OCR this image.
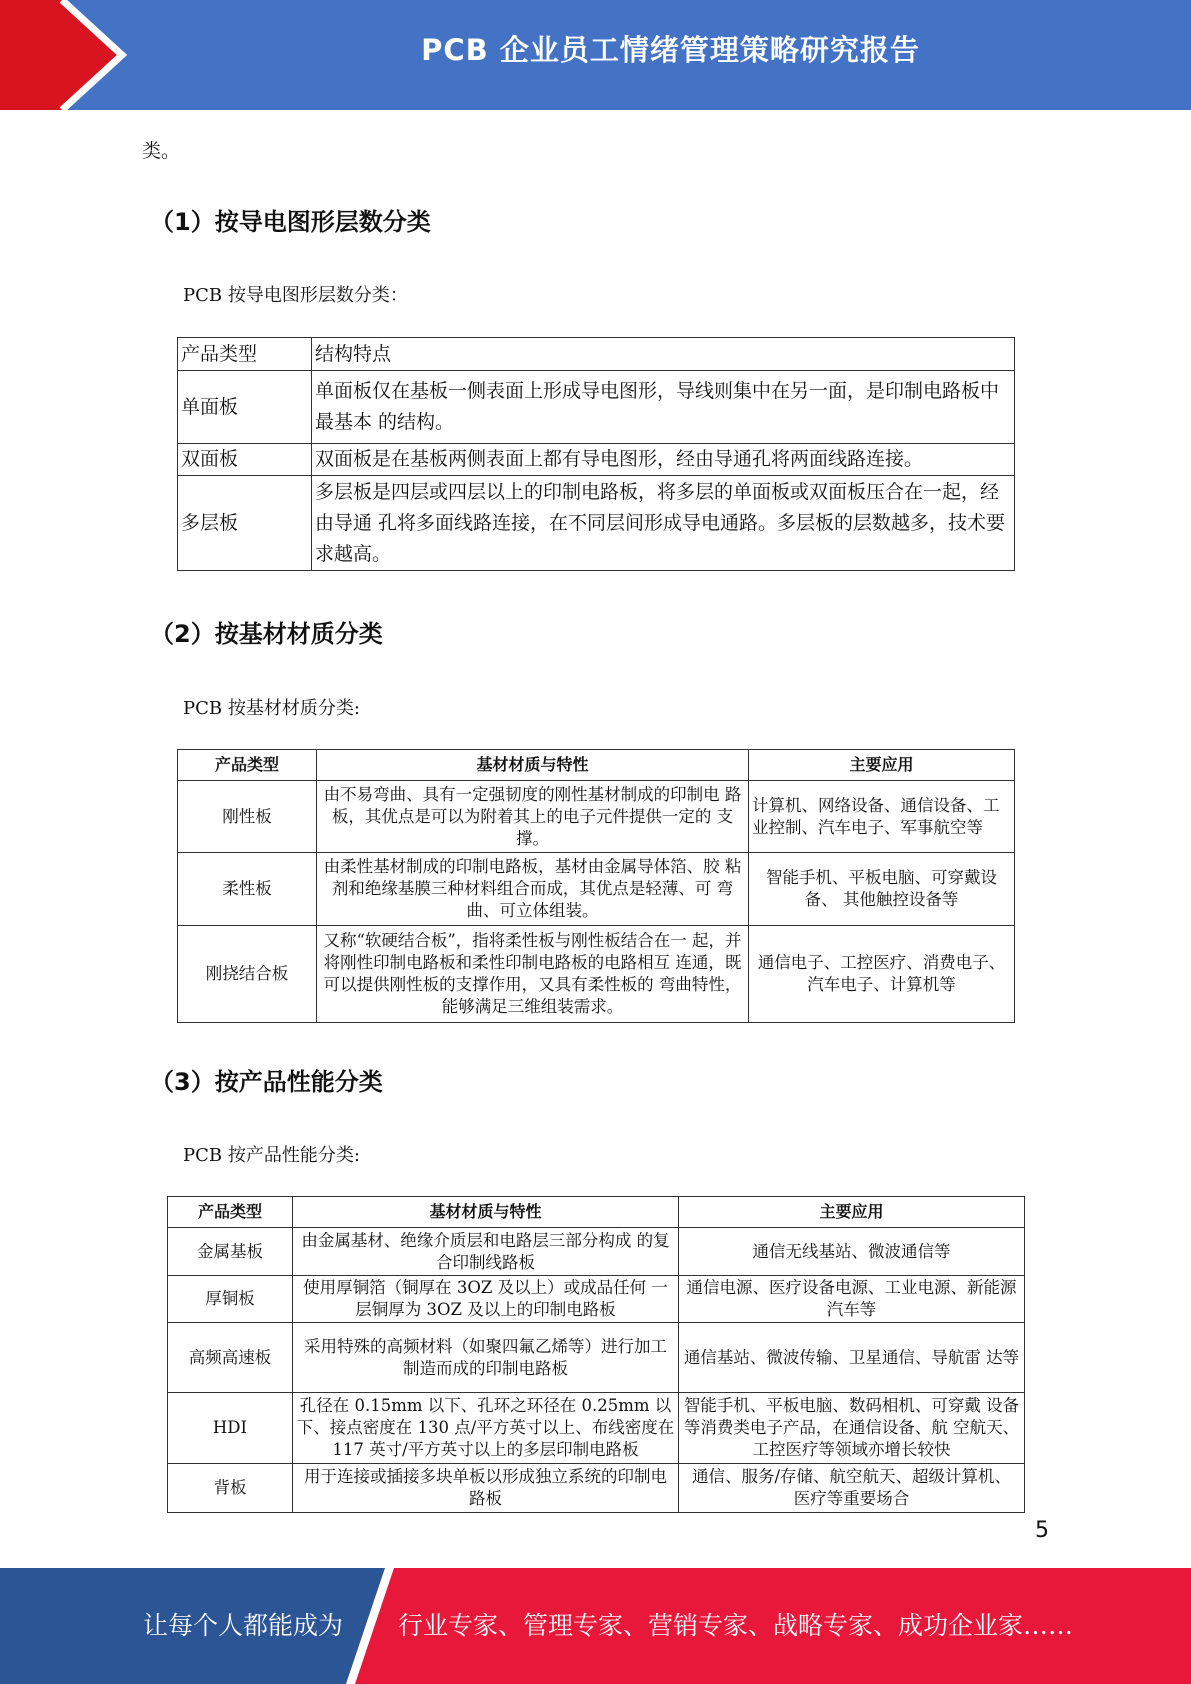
PCB 企业员工情绪管理策略研究报告
类。
（1）按导电图形层数分类
PCB 按导电图形层数分类：
产品类型	结构特点
单面板	单面板仅在基板一侧表面上形成导电图形，导线则集中在另一面，是印制电路板中最基本 的结构。
双面板	双面板是在基板两侧表面上都有导电图形，经由导通孔将两面线路连接。
多层板	多层板是四层或四层以上的印制电路板，将多层的单面板或双面板压合在一起，经由导通 孔将多面线路连接，在不同层间形成导电通路。多层板的层数越多，技术要求越高。
（2）按基材材质分类
PCB 按基材材质分类:
产品类型	基材材质与特性	主要应用
刚性板	由不易弯曲、具有一定强韧度的刚性基材制成的印制电 路板，其优点是可以为附着其上的电子元件提供一定的 支撑。	计算机、网络设备、通信设备、工 业控制、汽车电子、军事航空等
柔性板	由柔性基材制成的印制电路板，基材由金属导体箔、胶 粘剂和绝缘基膜三种材料组合而成，其优点是轻薄、可 弯曲、可立体组装。	智能手机、平板电脑、可穿戴设备、 其他触控设备等
刚挠结合板	又称“软硬结合板”，指将柔性板与刚性板结合在一 起，并将刚性印制电路板和柔性印制电路板的电路相互 连通，既可以提供刚性板的支撑作用，又具有柔性板的 弯曲特性，能够满足三维组装需求。	通信电子、工控医疗、消费电子、 汽车电子、计算机等
（3）按产品性能分类
PCB 按产品性能分类:
产品类型	基材材质与特性	主要应用
金属基板	由金属基材、绝缘介质层和电路层三部分构成 的复合印制线路板	通信无线基站、微波通信等
厚铜板	使用厚铜箔（铜厚在 3OZ 及以上）或成品任何 一层铜厚为 3OZ 及以上的印制电路板	通信电源、医疗设备电源、工业电源、新能源汽车等
高频高速板	采用特殊的高频材料（如聚四氟乙烯等）进行加工制造而成的印制电路板	通信基站、微波传输、卫星通信、导航雷 达等
HDI	孔径在 0.15mm 以下、孔环之环径在 0.25mm 以 下、接点密度在 130 点/平方英寸以上、布线密度在 117 英寸/平方英寸以上的多层印制电路板	智能手机、平板电脑、数码相机、可穿戴 设备等消费类电子产品，在通信设备、航 空航天、工控医疗等领域亦增长较快
背板	用于连接或插接多块单板以形成独立系统的印制电路板	通信、服务/存储、航空航天、超级计算机、 医疗等重要场合
5
让每个人都能成为 行业专家、管理专家、营销专家、战略专家、成功企业家……
